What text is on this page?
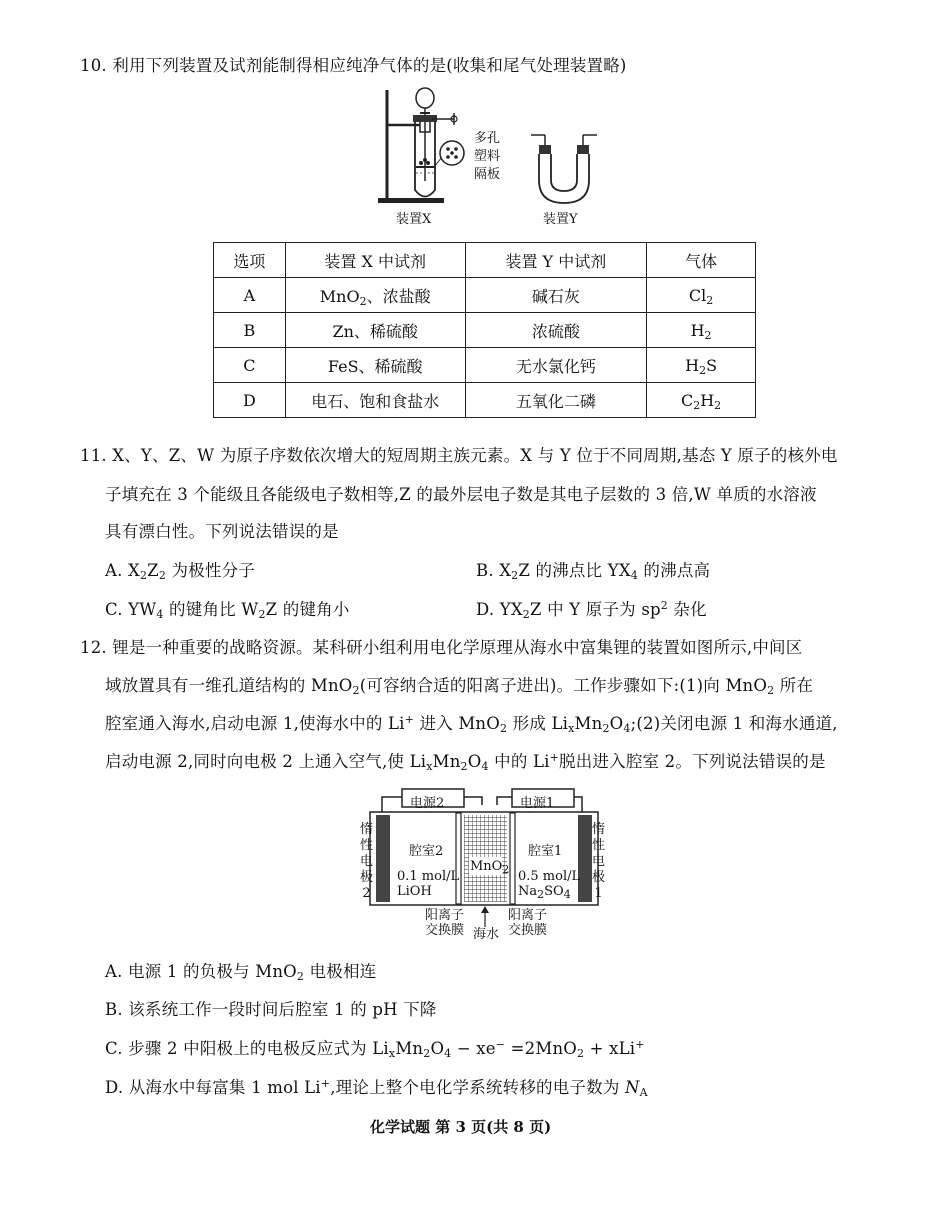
10. 利用下列装置及试剂能制得相应纯净气体的是(收集和尾气处理装置略)
多孔
塑料
隔板
装置X	装置Y
选项	装置 X 中试剂	装置 Y 中试剂	气体
A	MnO$_2$、浓盐酸	碱石灰	$Cl_2$
B	Zn、稀硫酸	浓硫酸	$H_2$
C	FeS、稀硫酸	无水氯化钙	$H_2S$
D	电石、饱和食盐水	五氧化二磷	$C_2H_2$
11. X、Y、Z、W 为原子序数依次增大的短周期主族元素。X 与 Y 位于不同周期,基态 Y 原子的核外电
子填充在 3 个能级且各能级电子数相等,Z 的最外层电子数是其电子层数的 3 倍,W 单质的水溶液
具有漂白性。下列说法错误的是
A. $X_2Z_2$ 为极性分子	B. $X_2Z$ 的沸点比 $YX_4$ 的沸点高
C. $YW_4$ 的键角比 $W_2Z$ 的键角小	D. $YX_2Z$ 中 Y 原子为 $sp^2$ 杂化
12. 锂是一种重要的战略资源。某科研小组利用电化学原理从海水中富集锂的装置如图所示,中间区
域放置具有一维孔道结构的 MnO$_2$(可容纳合适的阳离子进出)。工作步骤如下:(1)向 MnO$_2$ 所在
腔室通入海水,启动电源 1,使海水中的 Li+ 进入 MnO$_2$ 形成 $Li_xMn_2O_4;(2)$关闭电源 1 和海水通道,
启动电源 2,同时向电极 2 上通入空气,使 $Li_xMn_2O_4$ 中的 Li+脱出进入腔室 2。下列说法错误的是
电源2	电源1
惰
性
电
极
2
惰
性
电
极
1
腔室2
0.1 mol/L
LiOH
腔室1
0.5 mol/L
$Na_2SO_4$
MnO$_2$
阳离子
交换膜 海水
阳离子
交换膜
A. 电源 1 的负极与 MnO$_2$ 电极相连
B. 该系统工作一段时间后腔室 1 的 pH 下降
C. 步骤 2 中阳极上的电极反应式为 $Li_xMn_2O_4 - xe^- =2MnO_2 + xLi^+$
D. 从海水中每富集 1 mol Li+,理论上整个电化学系统转移的电子数为 $N_A$
化学试题 第 3 页(共 8 页)
